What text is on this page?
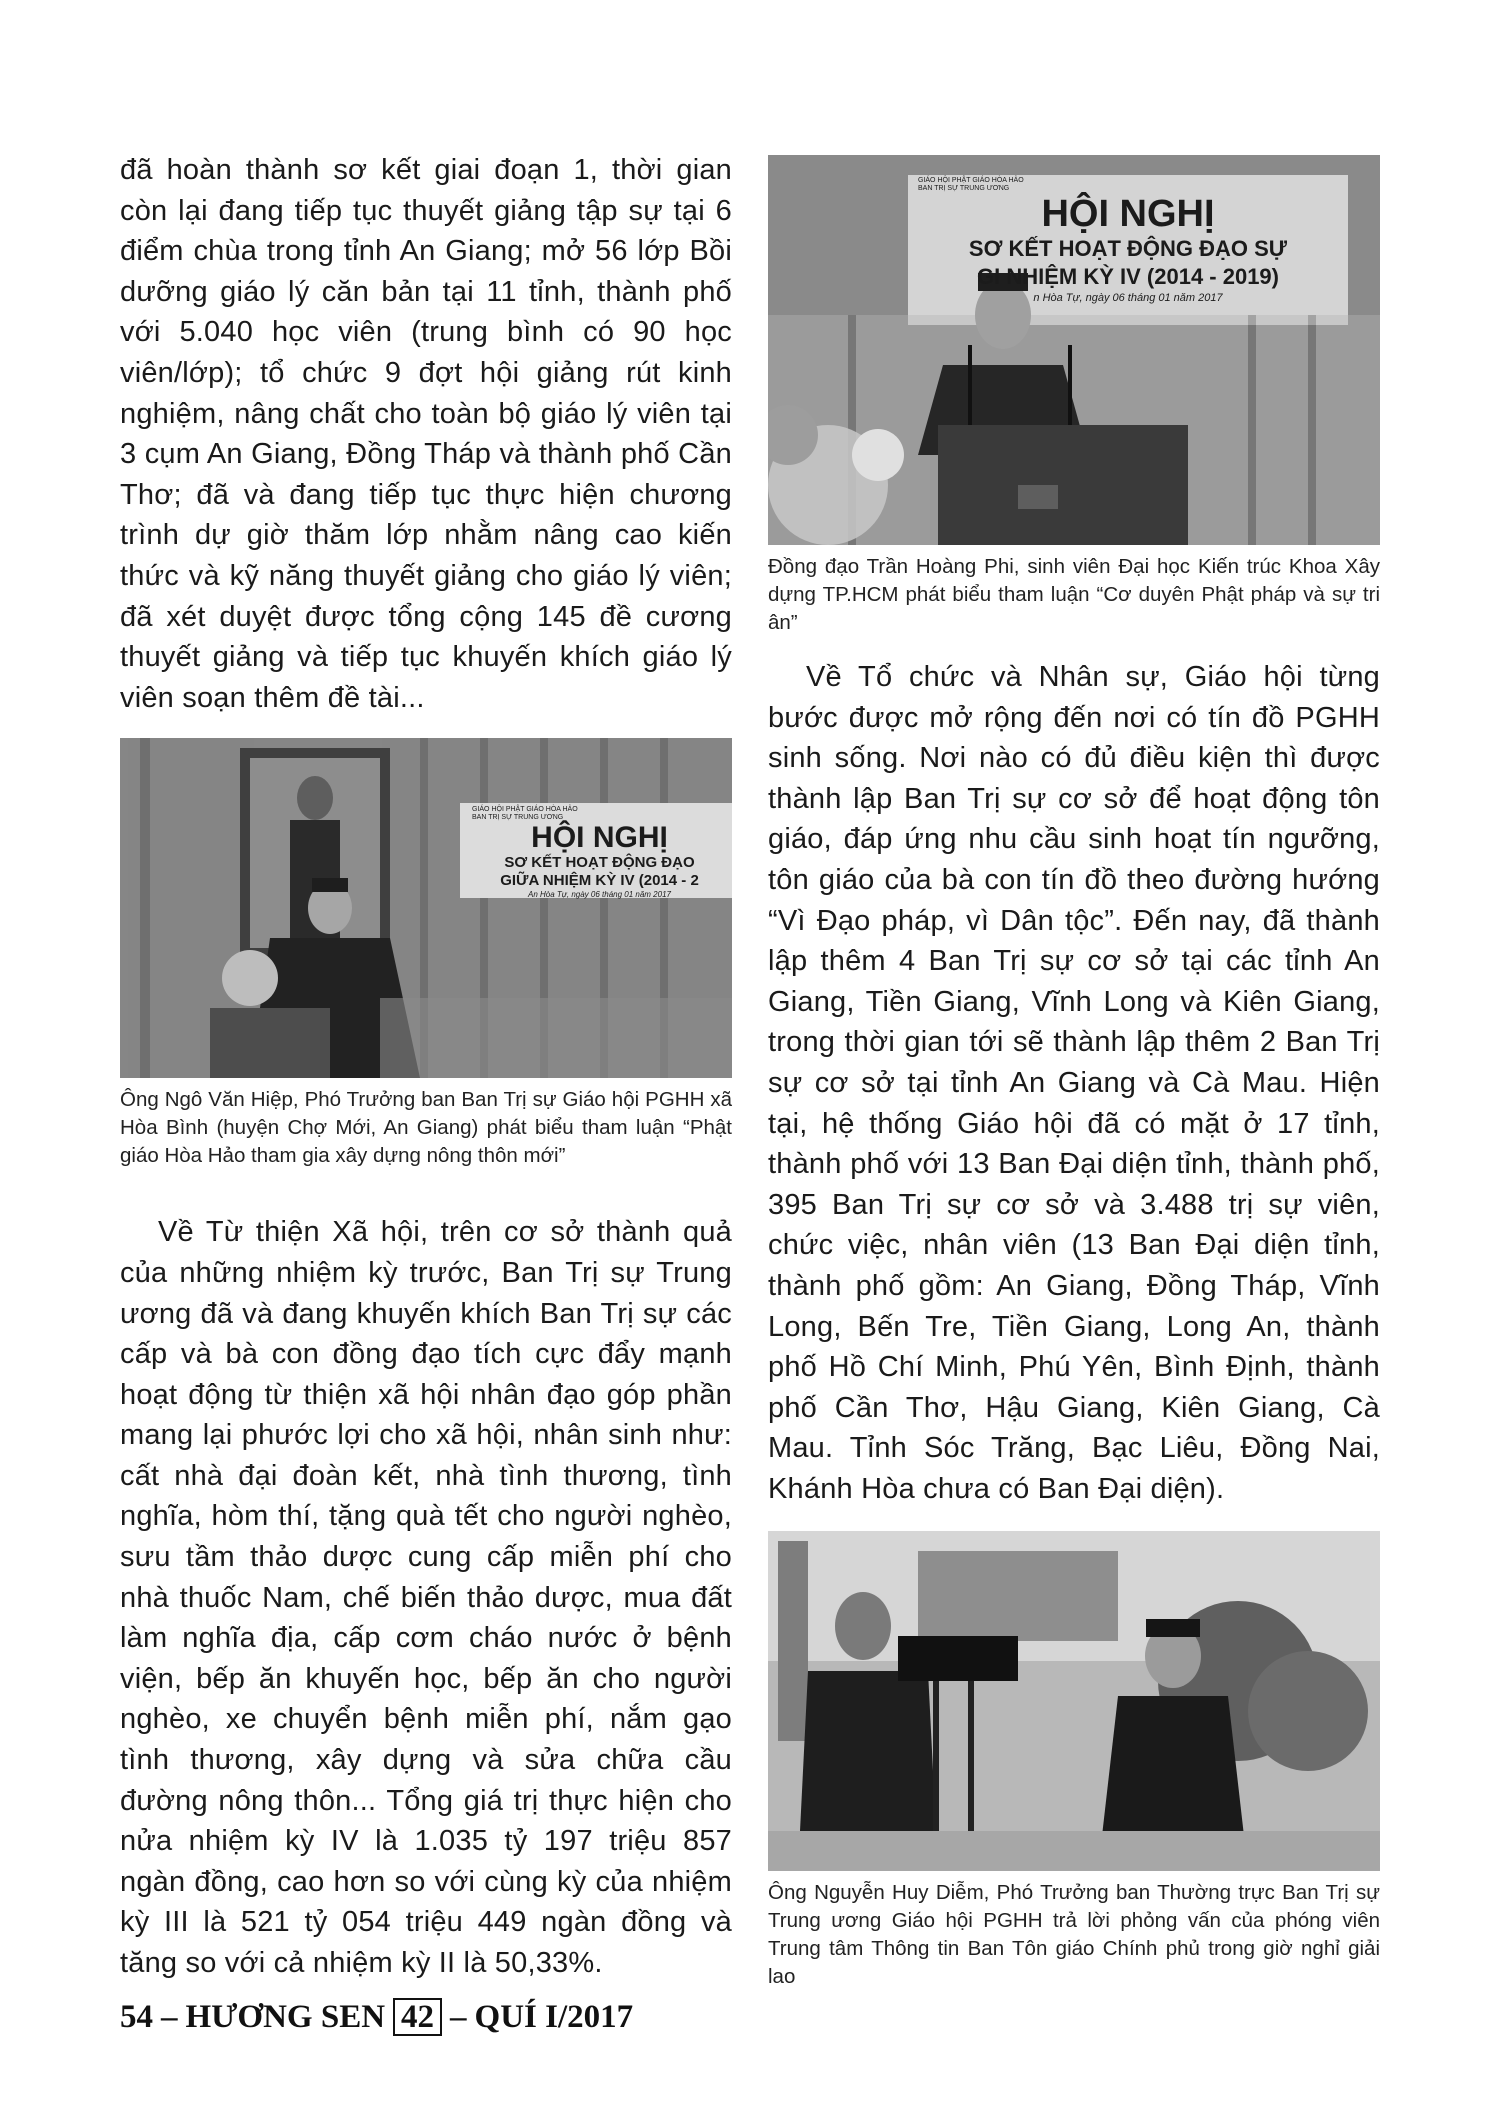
đã hoàn thành sơ kết giai đoạn 1, thời gian còn lại đang tiếp tục thuyết giảng tập sự tại 6 điểm chùa trong tỉnh An Giang; mở 56 lớp Bồi dưỡng giáo lý căn bản tại 11 tỉnh, thành phố với 5.040 học viên (trung bình có 90 học viên/lớp); tổ chức 9 đợt hội giảng rút kinh nghiệm, nâng chất cho toàn bộ giáo lý viên tại 3 cụm An Giang, Đồng Tháp và thành phố Cần Thơ; đã và đang tiếp tục thực hiện chương trình dự giờ thăm lớp nhằm nâng cao kiến thức và kỹ năng thuyết giảng cho giáo lý viên; đã xét duyệt được tổng cộng 145 đề cương thuyết giảng và tiếp tục khuyến khích giáo lý viên soạn thêm đề tài...

GIÁO HỘI PHẬT GIÁO HÒA HẢO
BAN TRỊ SỰ TRUNG ƯƠNG
HỘI NGHỊ
SƠ KẾT HOẠT ĐỘNG ĐẠO
GIỮA NHIỆM KỲ IV (2014 - 2
An Hòa Tự, ngày 06 tháng 01 năm 2017

Ông Ngô Văn Hiệp, Phó Trưởng ban Ban Trị sự Giáo hội PGHH xã Hòa Bình (huyện Chợ Mới, An Giang) phát biểu tham luận “Phật giáo Hòa Hảo tham gia xây dựng nông thôn mới”

Về Từ thiện Xã hội, trên cơ sở thành quả của những nhiệm kỳ trước, Ban Trị sự Trung ương đã và đang khuyến khích Ban Trị sự các cấp và bà con đồng đạo tích cực đẩy mạnh hoạt động từ thiện xã hội nhân đạo góp phần mang lại phước lợi cho xã hội, nhân sinh như: cất nhà đại đoàn kết, nhà tình thương, tình nghĩa, hòm thí, tặng quà tết cho người nghèo, sưu tầm thảo dược cung cấp miễn phí cho nhà thuốc Nam, chế biến thảo dược, mua đất làm nghĩa địa, cấp cơm cháo nước ở bệnh viện, bếp ăn khuyến học, bếp ăn cho người nghèo, xe chuyển bệnh miễn phí, nắm gạo tình thương, xây dựng và sửa chữa cầu đường nông thôn... Tổng giá trị thực hiện cho nửa nhiệm kỳ IV là 1.035 tỷ 197 triệu 857 ngàn đồng, cao hơn so với cùng kỳ của nhiệm kỳ III là 521 tỷ 054 triệu 449 ngàn đồng và tăng so với cả nhiệm kỳ II là 50,33%.

GIÁO HỘI PHẬT GIÁO HÒA HẢO
BAN TRỊ SỰ TRUNG ƯƠNG
HỘI NGHỊ
SƠ KẾT HOẠT ĐỘNG ĐẠO SỰ
GI NHIỆM KỲ IV (2014 - 2019)
n Hòa Tự, ngày 06 tháng 01 năm 2017

Đồng đạo Trần Hoàng Phi, sinh viên Đại học Kiến trúc Khoa Xây dựng TP.HCM phát biểu tham luận “Cơ duyên Phật pháp và sự tri ân”

Về Tổ chức và Nhân sự, Giáo hội từng bước được mở rộng đến nơi có tín đồ PGHH sinh sống. Nơi nào có đủ điều kiện thì được thành lập Ban Trị sự cơ sở để hoạt động tôn giáo, đáp ứng nhu cầu sinh hoạt tín ngưỡng, tôn giáo của bà con tín đồ theo đường hướng “Vì Đạo pháp, vì Dân tộc”. Đến nay, đã thành lập thêm 4 Ban Trị sự cơ sở tại các tỉnh An Giang, Tiền Giang, Vĩnh Long và Kiên Giang, trong thời gian tới sẽ thành lập thêm 2 Ban Trị sự cơ sở tại tỉnh An Giang và Cà Mau. Hiện tại, hệ thống Giáo hội đã có mặt ở 17 tỉnh, thành phố với 13 Ban Đại diện tỉnh, thành phố, 395 Ban Trị sự cơ sở và 3.488 trị sự viên, chức việc, nhân viên (13 Ban Đại diện tỉnh, thành phố gồm: An Giang, Đồng Tháp, Vĩnh Long, Bến Tre, Tiền Giang, Long An, thành phố Hồ Chí Minh, Phú Yên, Bình Định, thành phố Cần Thơ, Hậu Giang, Kiên Giang, Cà Mau. Tỉnh Sóc Trăng, Bạc Liêu, Đồng Nai, Khánh Hòa chưa có Ban Đại diện).

Ông Nguyễn Huy Diễm, Phó Trưởng ban Thường trực Ban Trị sự Trung ương Giáo hội PGHH trả lời phỏng vấn của phóng viên Trung tâm Thông tin Ban Tôn giáo Chính phủ trong giờ nghỉ giải lao

54 – HƯƠNG SEN 42 – QUÍ I/2017
